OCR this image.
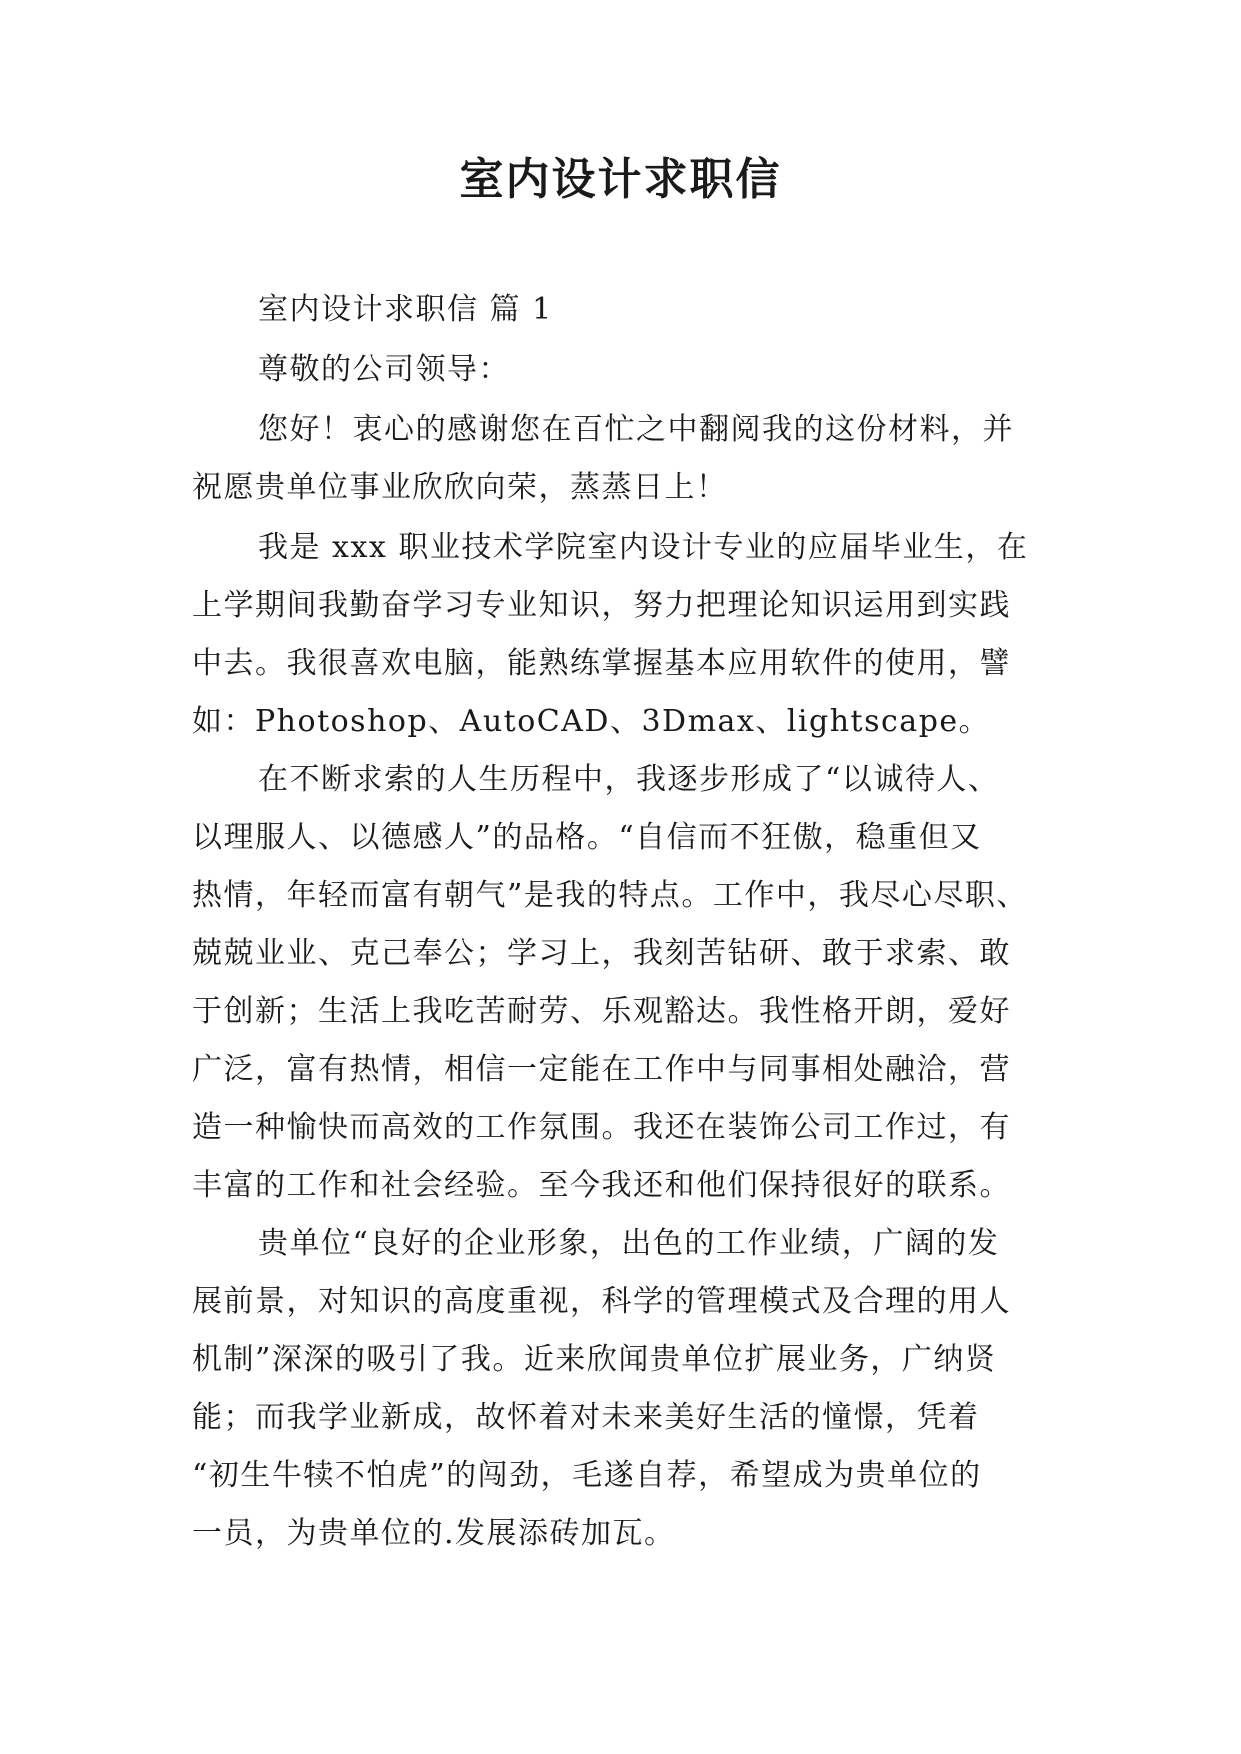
室内设计求职信
室内设计求职信 篇 1
尊敬的公司领导：
您好！衷心的感谢您在百忙之中翻阅我的这份材料，并
祝愿贵单位事业欣欣向荣，蒸蒸日上！
我是 xxx 职业技术学院室内设计专业的应届毕业生，在
上学期间我勤奋学习专业知识，努力把理论知识运用到实践
中去。我很喜欢电脑，能熟练掌握基本应用软件的使用，譬
如：Photoshop、AutoCAD、3Dmax、lightscape。
在不断求索的人生历程中，我逐步形成了“以诚待人、
以理服人、以德感人”的品格。“自信而不狂傲，稳重但又
热情，年轻而富有朝气”是我的特点。工作中，我尽心尽职、
兢兢业业、克己奉公；学习上，我刻苦钻研、敢于求索、敢
于创新；生活上我吃苦耐劳、乐观豁达。我性格开朗，爱好
广泛，富有热情，相信一定能在工作中与同事相处融洽，营
造一种愉快而高效的工作氛围。我还在装饰公司工作过，有
丰富的工作和社会经验。至今我还和他们保持很好的联系。
贵单位“良好的企业形象，出色的工作业绩，广阔的发
展前景，对知识的高度重视，科学的管理模式及合理的用人
机制”深深的吸引了我。近来欣闻贵单位扩展业务，广纳贤
能；而我学业新成，故怀着对未来美好生活的憧憬，凭着
“初生牛犊不怕虎”的闯劲，毛遂自荐，希望成为贵单位的
一员，为贵单位的.发展添砖加瓦。
